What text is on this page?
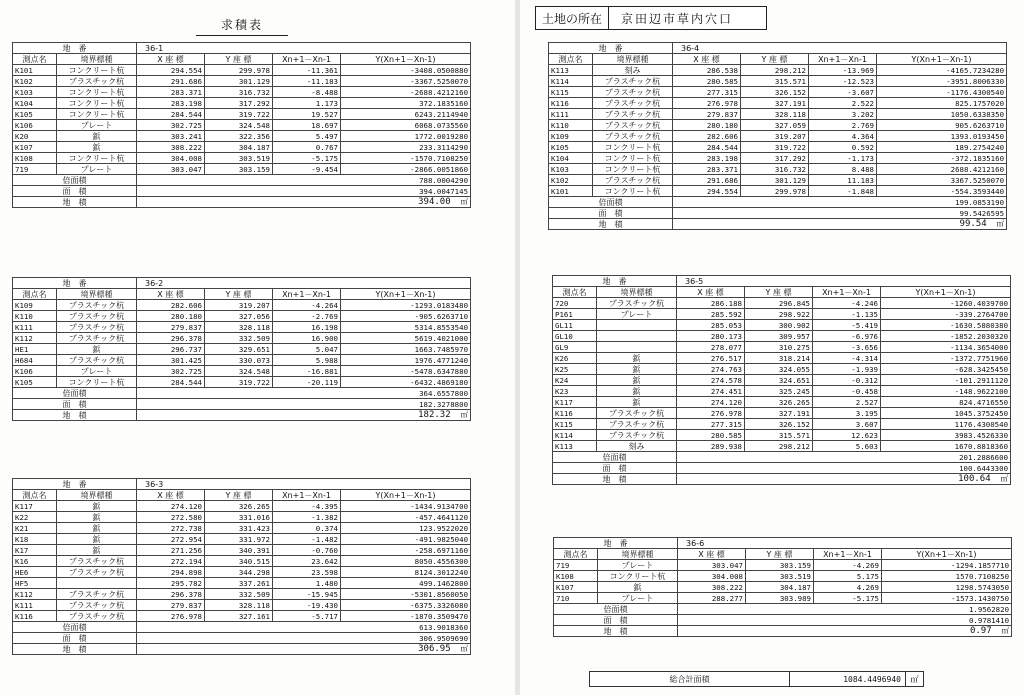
求積表	土地の所在	京田辺市草内穴口
地　番		36-1			
測点名	境界標種	X 座 標	Y 座 標	Xn+1－Xn-1	Y(Xn+1－Xn-1)
K101	コンクリート杭	294.554	299.978	-11.361	-3408.0500880
K102	プラスチック杭	291.686	301.129	-11.183	-3367.5250070
K103	コンクリート杭	283.371	316.732	-8.488	-2688.4212160
K104	コンクリート杭	283.198	317.292	1.173	372.1835160
K105	コンクリート杭	284.544	319.722	19.527	6243.2114940
K106	プレート	302.725	324.548	18.697	6068.0735560
K20	鋲	303.241	322.356	5.497	1772.0019280
K107	鋲	308.222	304.187	0.767	233.3114290
K108	コンクリート杭	304.008	303.519	-5.175	-1570.7108250
719	プレート	303.047	303.159	-9.454	-2866.0051860
倍面積				788.0004290	
面　積				394.0047145	
地　積				394.00 ㎡	
地　番		36-2			
測点名	境界標種	X 座 標	Y 座 標	Xn+1－Xn-1	Y(Xn+1－Xn-1)
K109	プラスチック杭	282.606	319.207	-4.264	-1293.0183480
K110	プラスチック杭	280.180	327.056	-2.769	-905.6263710
K111	プラスチック杭	279.837	328.118	16.198	5314.8553540
K112	プラスチック杭	296.378	332.509	16.900	5619.4021000
HE1	鋲	296.737	329.651	5.047	1663.7485970
H684	プラスチック杭	301.425	330.073	5.988	1976.4771240
K106	プレート	302.725	324.548	-16.881	-5478.6347880
K105	コンクリート杭	284.544	319.722	-20.119	-6432.4869180
倍面積				364.6557800	
面　積				182.3278800	
地　積				182.32 ㎡	
地　番		36-3			
測点名	境界標種	X 座 標	Y 座 標	Xn+1－Xn-1	Y(Xn+1－Xn-1)
K117	鋲	274.120	326.265	-4.395	-1434.9134700
K22	鋲	272.580	331.016	-1.382	-457.4641120
K21	鋲	272.738	331.423	0.374	123.9522020
K18	鋲	272.954	331.972	-1.482	-491.9825040
K17	鋲	271.256	340.391	-0.760	-258.6971160
K16	プラスチック杭	272.194	340.515	23.642	8050.4556300
HE6	プラスチック杭	294.898	344.298	23.598	8124.3012240
HF5		295.782	337.261	1.480	499.1462800
K112	プラスチック杭	296.378	332.509	-15.945	-5301.8560050
K111	プラスチック杭	279.837	328.118	-19.430	-6375.3326080
K116	プラスチック杭	276.978	327.161	-5.717	-1870.3509470
倍面積				613.9018360	
面　積				306.9509690	
地　積				306.95 ㎡	
地　番		36-4			
測点名	境界標種	X 座 標	Y 座 標	Xn+1－Xn-1	Y(Xn+1－Xn-1)
K113	刻み	286.538	298.212	-13.969	-4165.7234280
K114	プラスチック杭	280.585	315.571	-12.523	-3951.8006330
K115	プラスチック杭	277.315	326.152	-3.607	-1176.4300540
K116	プラスチック杭	276.978	327.191	2.522	825.1757020
K111	プラスチック杭	279.837	328.118	3.202	1050.6338350
K110	プラスチック杭	280.180	327.059	2.769	905.6263710
K109	プラスチック杭	282.606	319.207	4.364	1393.0193450
K105	コンクリート杭	284.544	319.722	0.592	189.2754240
K104	コンクリート杭	283.198	317.292	-1.173	-372.1835160
K103	コンクリート杭	283.371	316.732	8.488	2688.4212160
K102	プラスチック杭	291.686	301.129	11.183	3367.5250070
K101	コンクリート杭	294.554	299.978	-1.848	-554.3593440
倍面積				199.0853190	
面　積				99.5426595	
地　積				99.54 ㎡	
地　番		36-5			
測点名	境界標種	X 座 標	Y 座 標	Xn+1－Xn-1	Y(Xn+1－Xn-1)
720	プラスチック杭	286.188	296.845	-4.246	-1260.4039700
P161	プレート	285.592	298.922	-1.135	-339.2764700
GL11		285.053	300.902	-5.419	-1630.5880380
GL10		280.173	309.957	-6.976	-1852.2030320
GL9		278.077	310.275	-3.656	-1134.3654000
K26	鋲	276.517	318.214	-4.314	-1372.7751960
K25	鋲	274.763	324.055	-1.939	-628.3425450
K24	鋲	274.578	324.651	-0.312	-101.2911120
K23	鋲	274.451	325.245	-0.458	-148.9622100
K117	鋲	274.120	326.265	2.527	824.4716550
K116	プラスチック杭	276.978	327.191	3.195	1045.3752450
K115	プラスチック杭	277.315	326.152	3.607	1176.4300540
K114	プラスチック杭	280.585	315.571	12.623	3983.4526330
K113	刻み	289.938	298.212	5.603	1670.8818360
倍面積				201.2886600	
面　積				100.6443300	
地　積				100.64 ㎡	
地　番		36-6			
測点名	境界標種	X 座 標	Y 座 標	Xn+1－Xn-1	Y(Xn+1－Xn-1)
719	プレート	303.047	303.159	-4.269	-1294.1857710
K108	コンクリート杭	304.008	303.519	5.175	1570.7108250
K107	鋲	308.222	304.187	4.269	1298.5743050
710	プレート	288.277	303.989	-5.175	-1573.1430750
倍面積				1.9562820	
面　積				0.9781410	
地　積				0.97 ㎡	
総合計面積	1084.4496940	㎡
